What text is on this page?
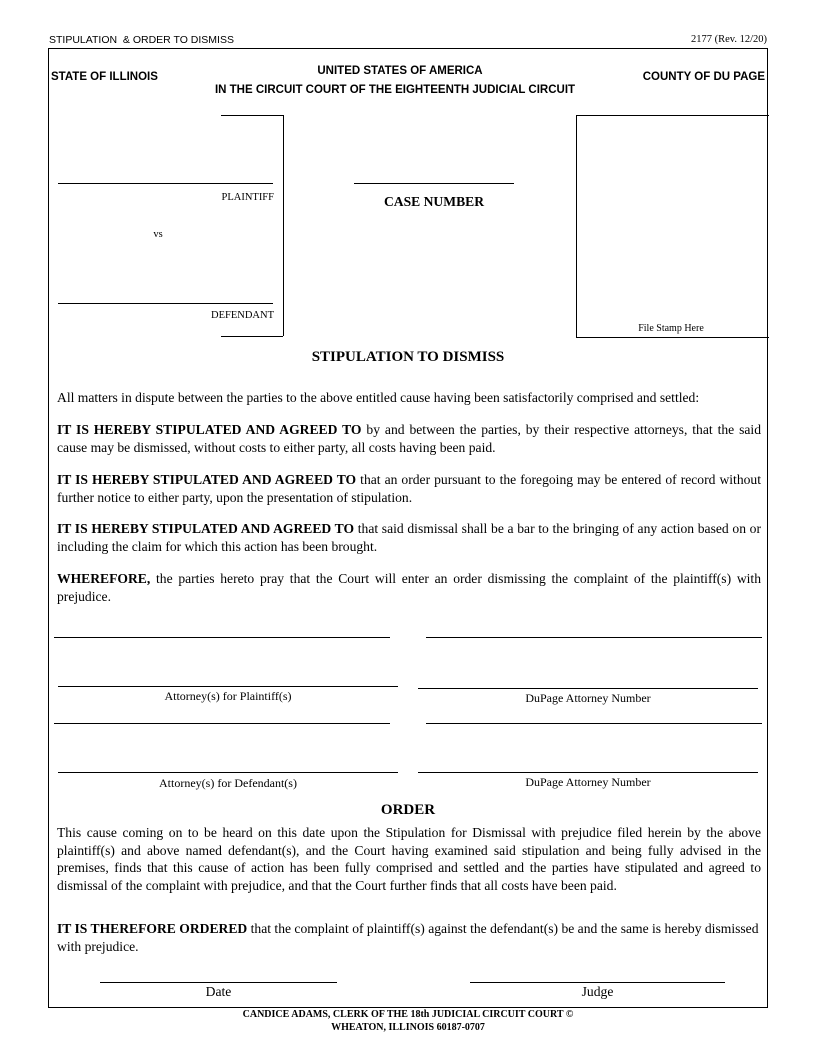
STIPULATION  & ORDER TO DISMISS	2177 (Rev. 12/20)
STATE OF ILLINOIS	UNITED STATES OF AMERICA
IN THE CIRCUIT COURT OF THE EIGHTEENTH JUDICIAL CIRCUIT
COUNTY OF DU PAGE
PLAINTIFF
vs
DEFENDANT
CASE NUMBER
File Stamp Here
STIPULATION TO DISMISS
All matters in dispute between the parties to the above entitled cause having been satisfactorily comprised and settled:
IT IS HEREBY STIPULATED AND AGREED TO by and between the parties, by their respective attorneys, that the said cause may be dismissed, without costs to either party, all costs having been paid.
IT IS HEREBY STIPULATED AND AGREED TO that an order pursuant to the foregoing may be entered of record without further notice to either party, upon the presentation of stipulation.
IT IS HEREBY STIPULATED AND AGREED TO that said dismissal shall be a bar to the bringing of any action based on or including the claim for which this action has been brought.
WHEREFORE, the parties hereto pray that the Court will enter an order dismissing the complaint of the plaintiff(s) with prejudice.
Attorney(s) for Plaintiff(s)	DuPage Attorney Number
Attorney(s) for Defendant(s)	DuPage Attorney Number
ORDER
This cause coming on to be heard on this date upon the Stipulation for Dismissal with prejudice filed herein by the above plaintiff(s) and above named defendant(s), and the Court having examined said stipulation and being fully advised in the premises, finds that this cause of action has been fully comprised and settled and the parties have stipulated and agreed to dismissal of the complaint with prejudice, and that the Court further finds that all costs have been paid.
IT IS THEREFORE ORDERED that the complaint of plaintiff(s) against the defendant(s) be and the same is hereby dismissed with prejudice.
Date	Judge
CANDICE ADAMS, CLERK OF THE 18th JUDICIAL CIRCUIT COURT ©
WHEATON, ILLINOIS 60187-0707
